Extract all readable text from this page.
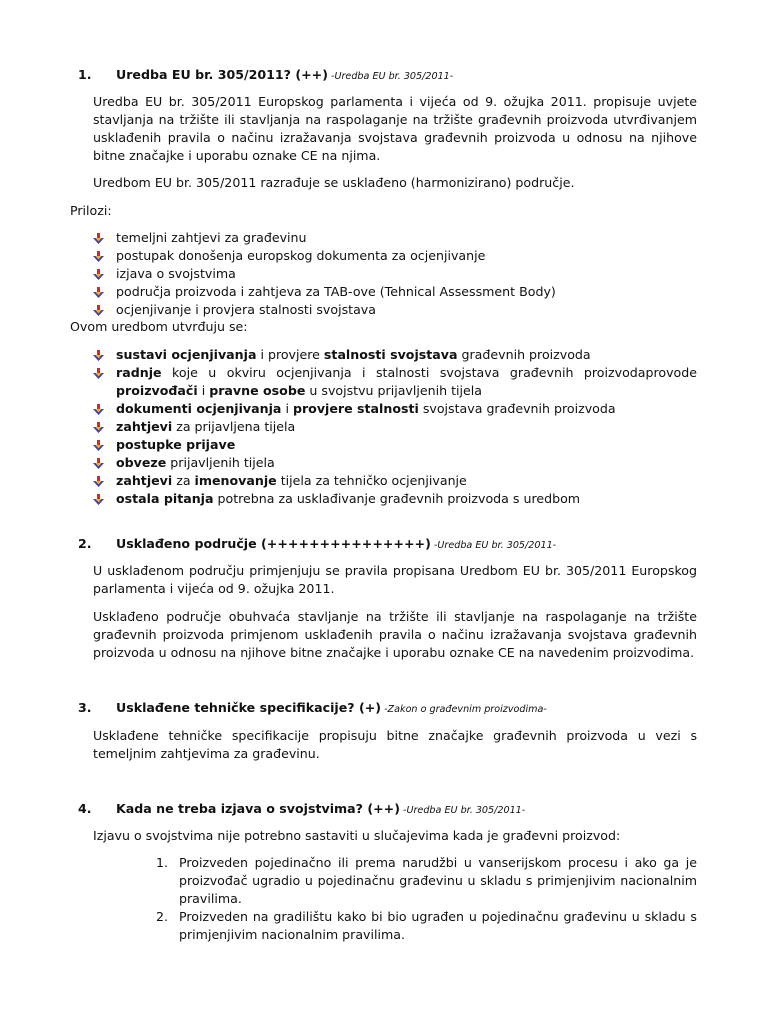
1. Uredba EU br. 305/2011? (++) -Uredba EU br. 305/2011-

Uredba EU br. 305/2011 Europskog parlamenta i vijeća od 9. ožujka 2011. propisuje uvjete stavljanja na tržište ili stavljanja na raspolaganje na tržište građevnih proizvoda utvrđivanjem usklađenih pravila o načinu izražavanja svojstava građevnih proizvoda u odnosu na njihove bitne značajke i uporabu oznake CE na njima.

Uredbom EU br. 305/2011 razrađuje se usklađeno (harmonizirano) područje.

Prilozi:

temeljni zahtjevi za građevinu
postupak donošenja europskog dokumenta za ocjenjivanje
izjava o svojstvima
područja proizvoda i zahtjeva za TAB-ove (Tehnical Assessment Body)
ocjenjivanje i provjera stalnosti svojstava

Ovom uredbom utvrđuju se:

sustavi ocjenjivanja i provjere stalnosti svojstava građevnih proizvoda
radnje koje u okviru ocjenjivanja i stalnosti svojstava građevnih proizvodaprovode proizvođači i pravne osobe u svojstvu prijavljenih tijela
dokumenti ocjenjivanja i provjere stalnosti svojstava građevnih proizvoda
zahtjevi za prijavljena tijela
postupke prijave
obveze prijavljenih tijela
zahtjevi za imenovanje tijela za tehničko ocjenjivanje
ostala pitanja potrebna za usklađivanje građevnih proizvoda s uredbom
2. Usklađeno područje (+++++++++++++++) -Uredba EU br. 305/2011-

U usklađenom području primjenjuju se pravila propisana Uredbom EU br. 305/2011 Europskog parlamenta i vijeća od 9. ožujka 2011.

Usklađeno područje obuhvaća stavljanje na tržište ili stavljanje na raspolaganje na tržište građevnih proizvoda primjenom usklađenih pravila o načinu izražavanja svojstava građevnih proizvoda u odnosu na njihove bitne značajke i uporabu oznake CE na navedenim proizvodima.

3. Usklađene tehničke specifikacije? (+) -Zakon o građevnim proizvodima-

Usklađene tehničke specifikacije propisuju bitne značajke građevnih proizvoda u vezi s temeljnim zahtjevima za građevinu.

4. Kada ne treba izjava o svojstvima? (++) -Uredba EU br. 305/2011-

Izjavu o svojstvima nije potrebno sastaviti u slučajevima kada je građevni proizvod:

1. Proizveden pojedinačno ili prema narudžbi u vanserijskom procesu i ako ga je proizvođač ugradio u pojedinačnu građevinu u skladu s primjenjivim nacionalnim pravilima.
2. Proizveden na gradilištu kako bi bio ugrađen u pojedinačnu građevinu u skladu s primjenjivim nacionalnim pravilima.
